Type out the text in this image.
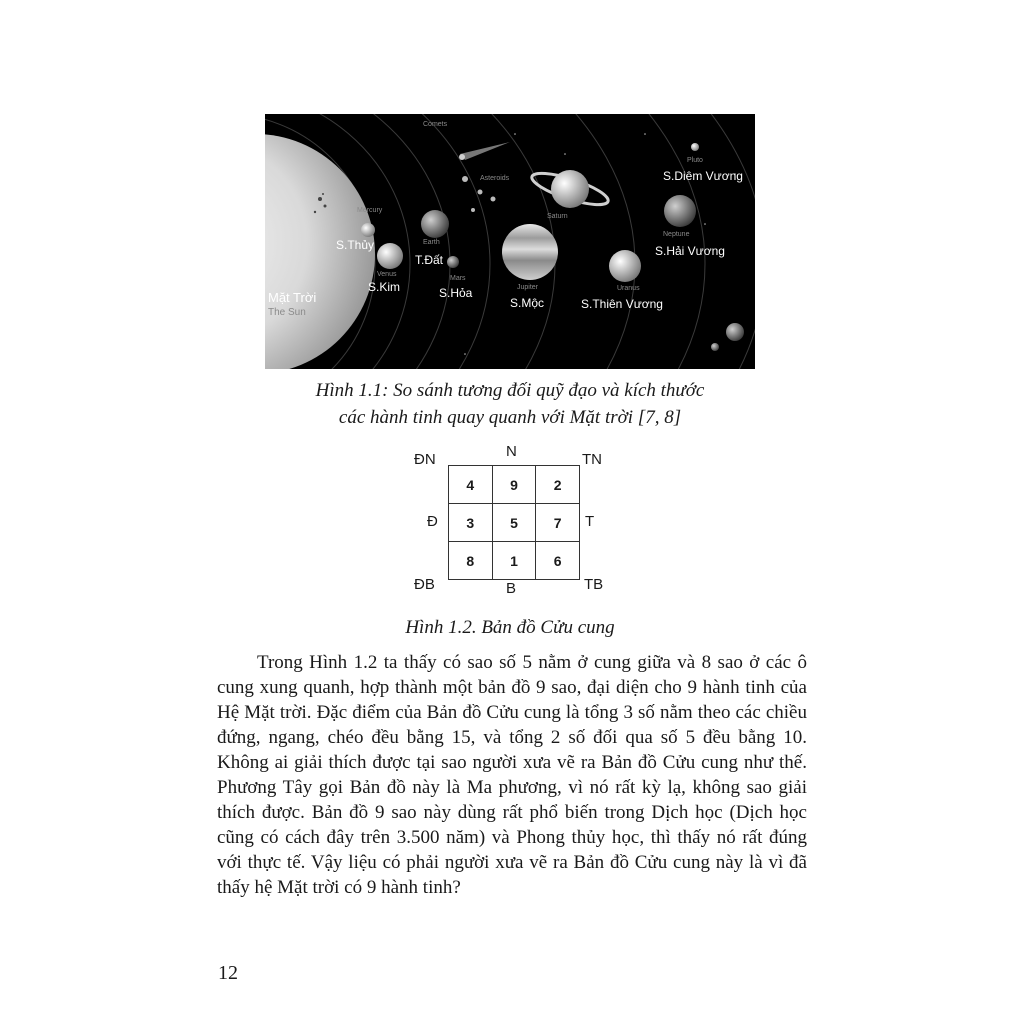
Comets
Asteroids
Mercury
Earth
Venus
Mars
Saturn
Jupiter	Uranus
Neptune
Pluto
The Sun
S.Thủy
T.Đất
S.Kim	S.Hỏa
S.Mộc	S.Thiên Vương
S.Hải Vương
S.Diêm Vương
Mặt Trời
Hình 1.1: So sánh tương đối quỹ đạo và kích thước
các hành tinh quay quanh với Mặt trời [7, 8]
ĐN	N	TN
Đ	T
ĐB	B	TB
4	9	2
3	5	7
8	1	6
Hình 1.2. Bản đồ Cửu cung

Trong Hình 1.2 ta thấy có sao số 5 nằm ở cung giữa và 8 sao ở các ô cung xung quanh, hợp thành một bản đồ 9 sao, đại diện cho 9 hành tinh của Hệ Mặt trời. Đặc điểm của Bản đồ Cửu cung là tổng 3 số nằm theo các chiều đứng, ngang, chéo đều bằng 15, và tổng 2 số đối qua số 5 đều bằng 10. Không ai giải thích được tại sao người xưa vẽ ra Bản đồ Cửu cung như thế. Phương Tây gọi Bản đồ này là Ma phương, vì nó rất kỳ lạ, không sao giải thích được. Bản đồ 9 sao này dùng rất phổ biến trong Dịch học (Dịch học cũng có cách đây trên 3.500 năm) và Phong thủy học, thì thấy nó rất đúng với thực tế. Vậy liệu có phải người xưa vẽ ra Bản đồ Cửu cung này là vì đã thấy hệ Mặt trời có 9 hành tinh?

12
